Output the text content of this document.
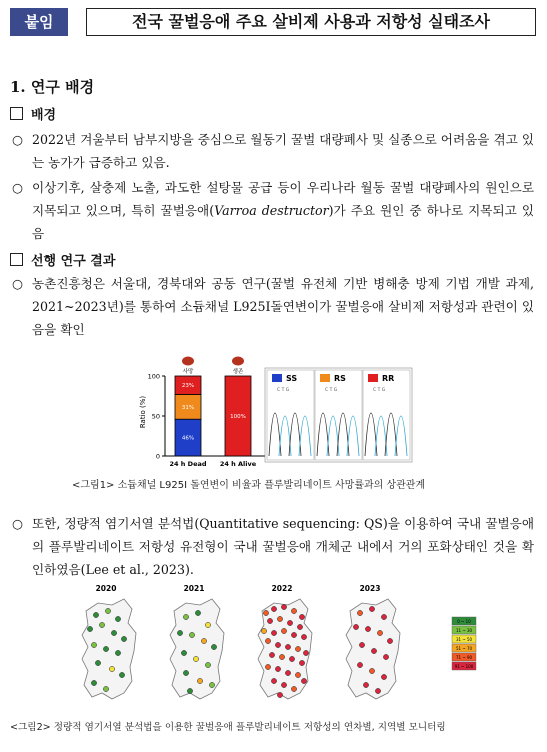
붙임	전국 꿀벌응애 주요 살비제 사용과 저항성 실태조사
1. 연구 배경
배경
○ 2022년 겨울부터 남부지방을 중심으로 월동기 꿀벌 대량폐사 및 실종으로 어려움을 겪고 있는 농가가 급증하고 있음.
○ 이상기후, 살충제 노출, 과도한 설탕물 공급 등이 우리나라 월동 꿀벌 대량폐사의 원인으로 지목되고 있으며, 특히 꿀벌응애(Varroa destructor)가 주요 원인 중 하나로 지목되고 있음
선행 연구 결과
○ 농촌진흥청은 서울대, 경북대와 공동 연구(꿀벌 유전체 기반 병해충 방제 기법 개발 과제, 2021~2023년)를 통하여 소듐채널 L925I돌연변이가 꿀벌응애 살비제 저항성과 관련이 있음을 확인
Ratio (%)
100
50
0
46%
31%
23%
24 h Dead
사망
100%
24 h Alive
생존
SS
C T G
RS
C T G
RR
C T G
<그림1> 소듐채널 L925I 돌연변이 비율과 플루발리네이트 사망률과의 상관관계
○ 또한, 정량적 염기서열 분석법(Quantitative sequencing: QS)을 이용하여 국내 꿀벌응애의 플루발리네이트 저항성 유전형이 국내 꿀벌응애 개체군 내에서 거의 포화상태인 것을 확인하였음(Lee et al., 2023).
2020	2021	2022	2023
0 ~ 10
11 ~ 30
31 ~ 50
51 ~ 70
71 ~ 90
91 ~ 100
<그림2> 정량적 염기서열 분석법을 이용한 꿀벌응애 플루발리네이트 저항성의 연차별, 지역별 모니터링
